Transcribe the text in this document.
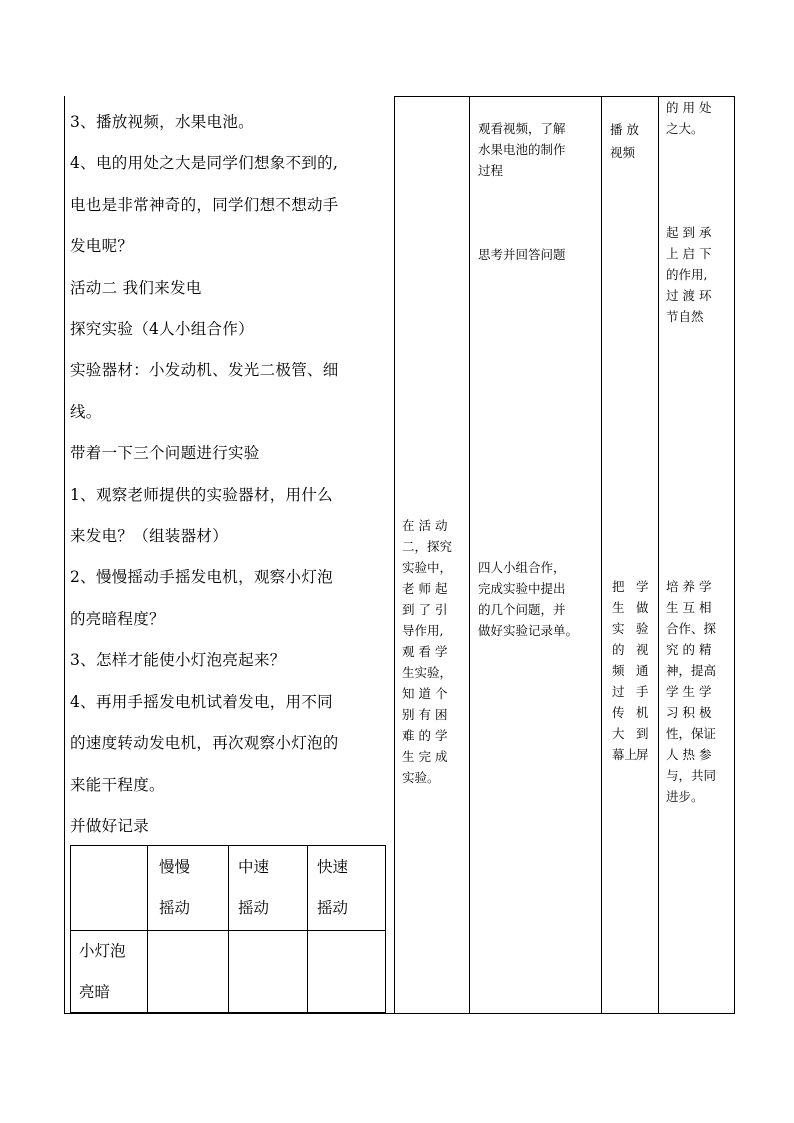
3、播放视频，水果电池。
4、电的用处之大是同学们想象不到的,
电也是非常神奇的，同学们想不想动手
发电呢？
活动二 我们来发电
探究实验（4人小组合作）
实验器材：小发动机、发光二极管、细
线。
带着一下三个问题进行实验
1、观察老师提供的实验器材，用什么
来发电？（组装器材）
2、慢慢摇动手摇发电机，观察小灯泡
的亮暗程度？
3、怎样才能使小灯泡亮起来？
4、再用手摇发电机试着发电，用不同
的速度转动发电机，再次观察小灯泡的
来能干程度。
并做好记录
慢慢
摇动
中速
摇动
快速
摇动
小灯泡
亮暗
在 活 动
二，探究
实验中，
老 师 起
到 了 引
导作用,
观 看 学
生实验，
知 道 个
别 有 困
难 的 学
生 完 成
实验。
观看视频，了解
水果电池的制作
过程
思考并回答问题
四人小组合作，
完成实验中提出
的几个问题，并
做好实验记录单。
播 放
视频
把
生
实
的
频
过
传
大
幕上
学
做
验
视
通
手
机
到
屏
的 用 处
之大。
起 到 承
上 启 下
的作用,
过 渡 环
节自然
培 养 学
生 互 相
合作、探
究 的 精
神，提高
学 生 学
习 积 极
性，保证
人 热 参
与，共同
进步。
